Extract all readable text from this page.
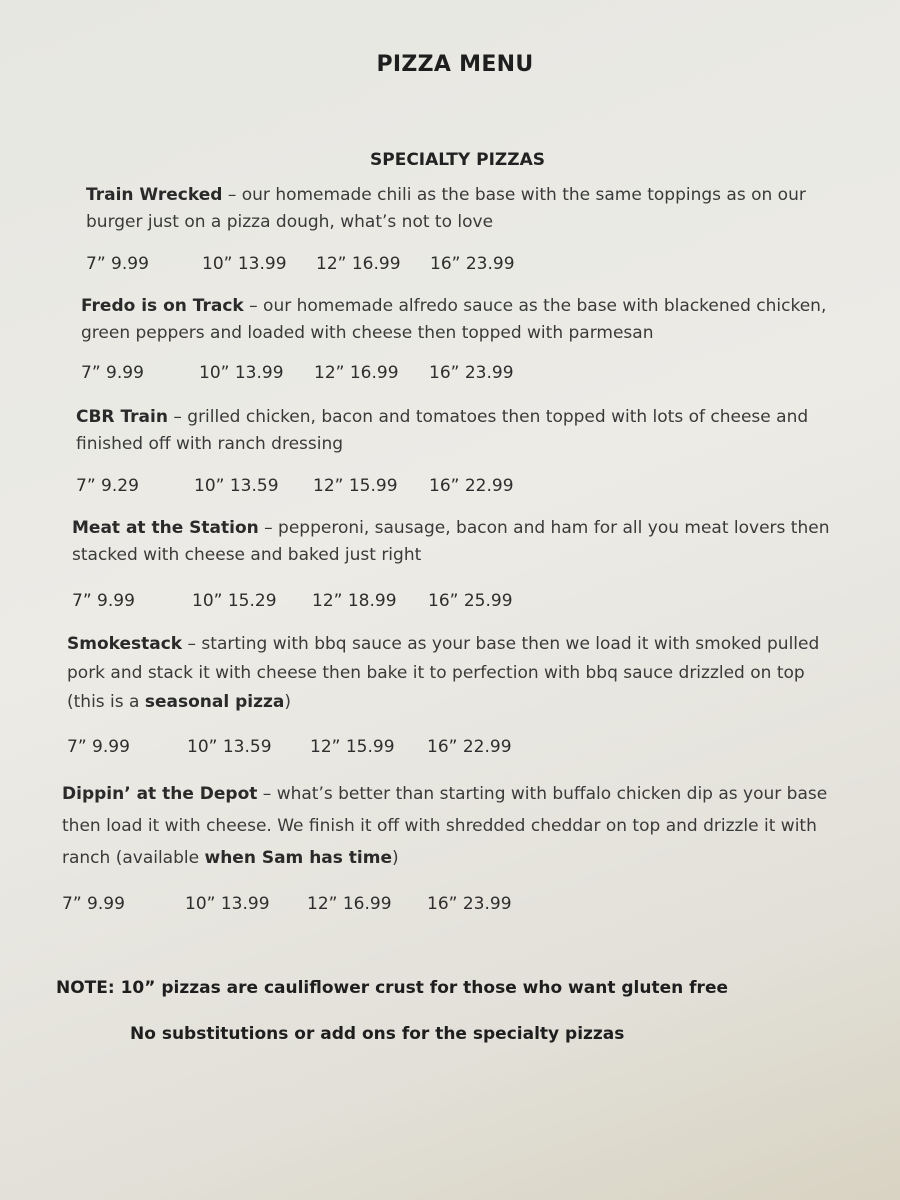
PIZZA MENU
SPECIALTY PIZZAS

Train Wrecked – our homemade chili as the base with the same toppings as on our burger just on a pizza dough, what’s not to love

7” 9.99	10” 13.99 12” 16.99 16” 23.99

Fredo is on Track – our homemade alfredo sauce as the base with blackened chicken, green peppers and loaded with cheese then topped with parmesan

7” 9.99	10” 13.99 12” 16.99 16” 23.99

CBR Train – grilled chicken, bacon and tomatoes then topped with lots of cheese and finished off with ranch dressing

7” 9.29	10” 13.59 12” 15.99 16” 22.99

Meat at the Station – pepperoni, sausage, bacon and ham for all you meat lovers then stacked with cheese and baked just right

7” 9.99	10” 15.29 12” 18.99 16” 25.99

Smokestack – starting with bbq sauce as your base then we load it with smoked pulled pork and stack it with cheese then bake it to perfection with bbq sauce drizzled on top (this is a seasonal pizza)

7” 9.99	10” 13.59 12” 15.99 16” 22.99

Dippin’ at the Depot – what’s better than starting with buffalo chicken dip as your base then load it with cheese. We finish it off with shredded cheddar on top and drizzle it with ranch (available when Sam has time)

7” 9.99	10” 13.99 12” 16.99 16” 23.99
NOTE: 10” pizzas are cauliflower crust for those who want gluten free
No substitutions or add ons for the specialty pizzas
